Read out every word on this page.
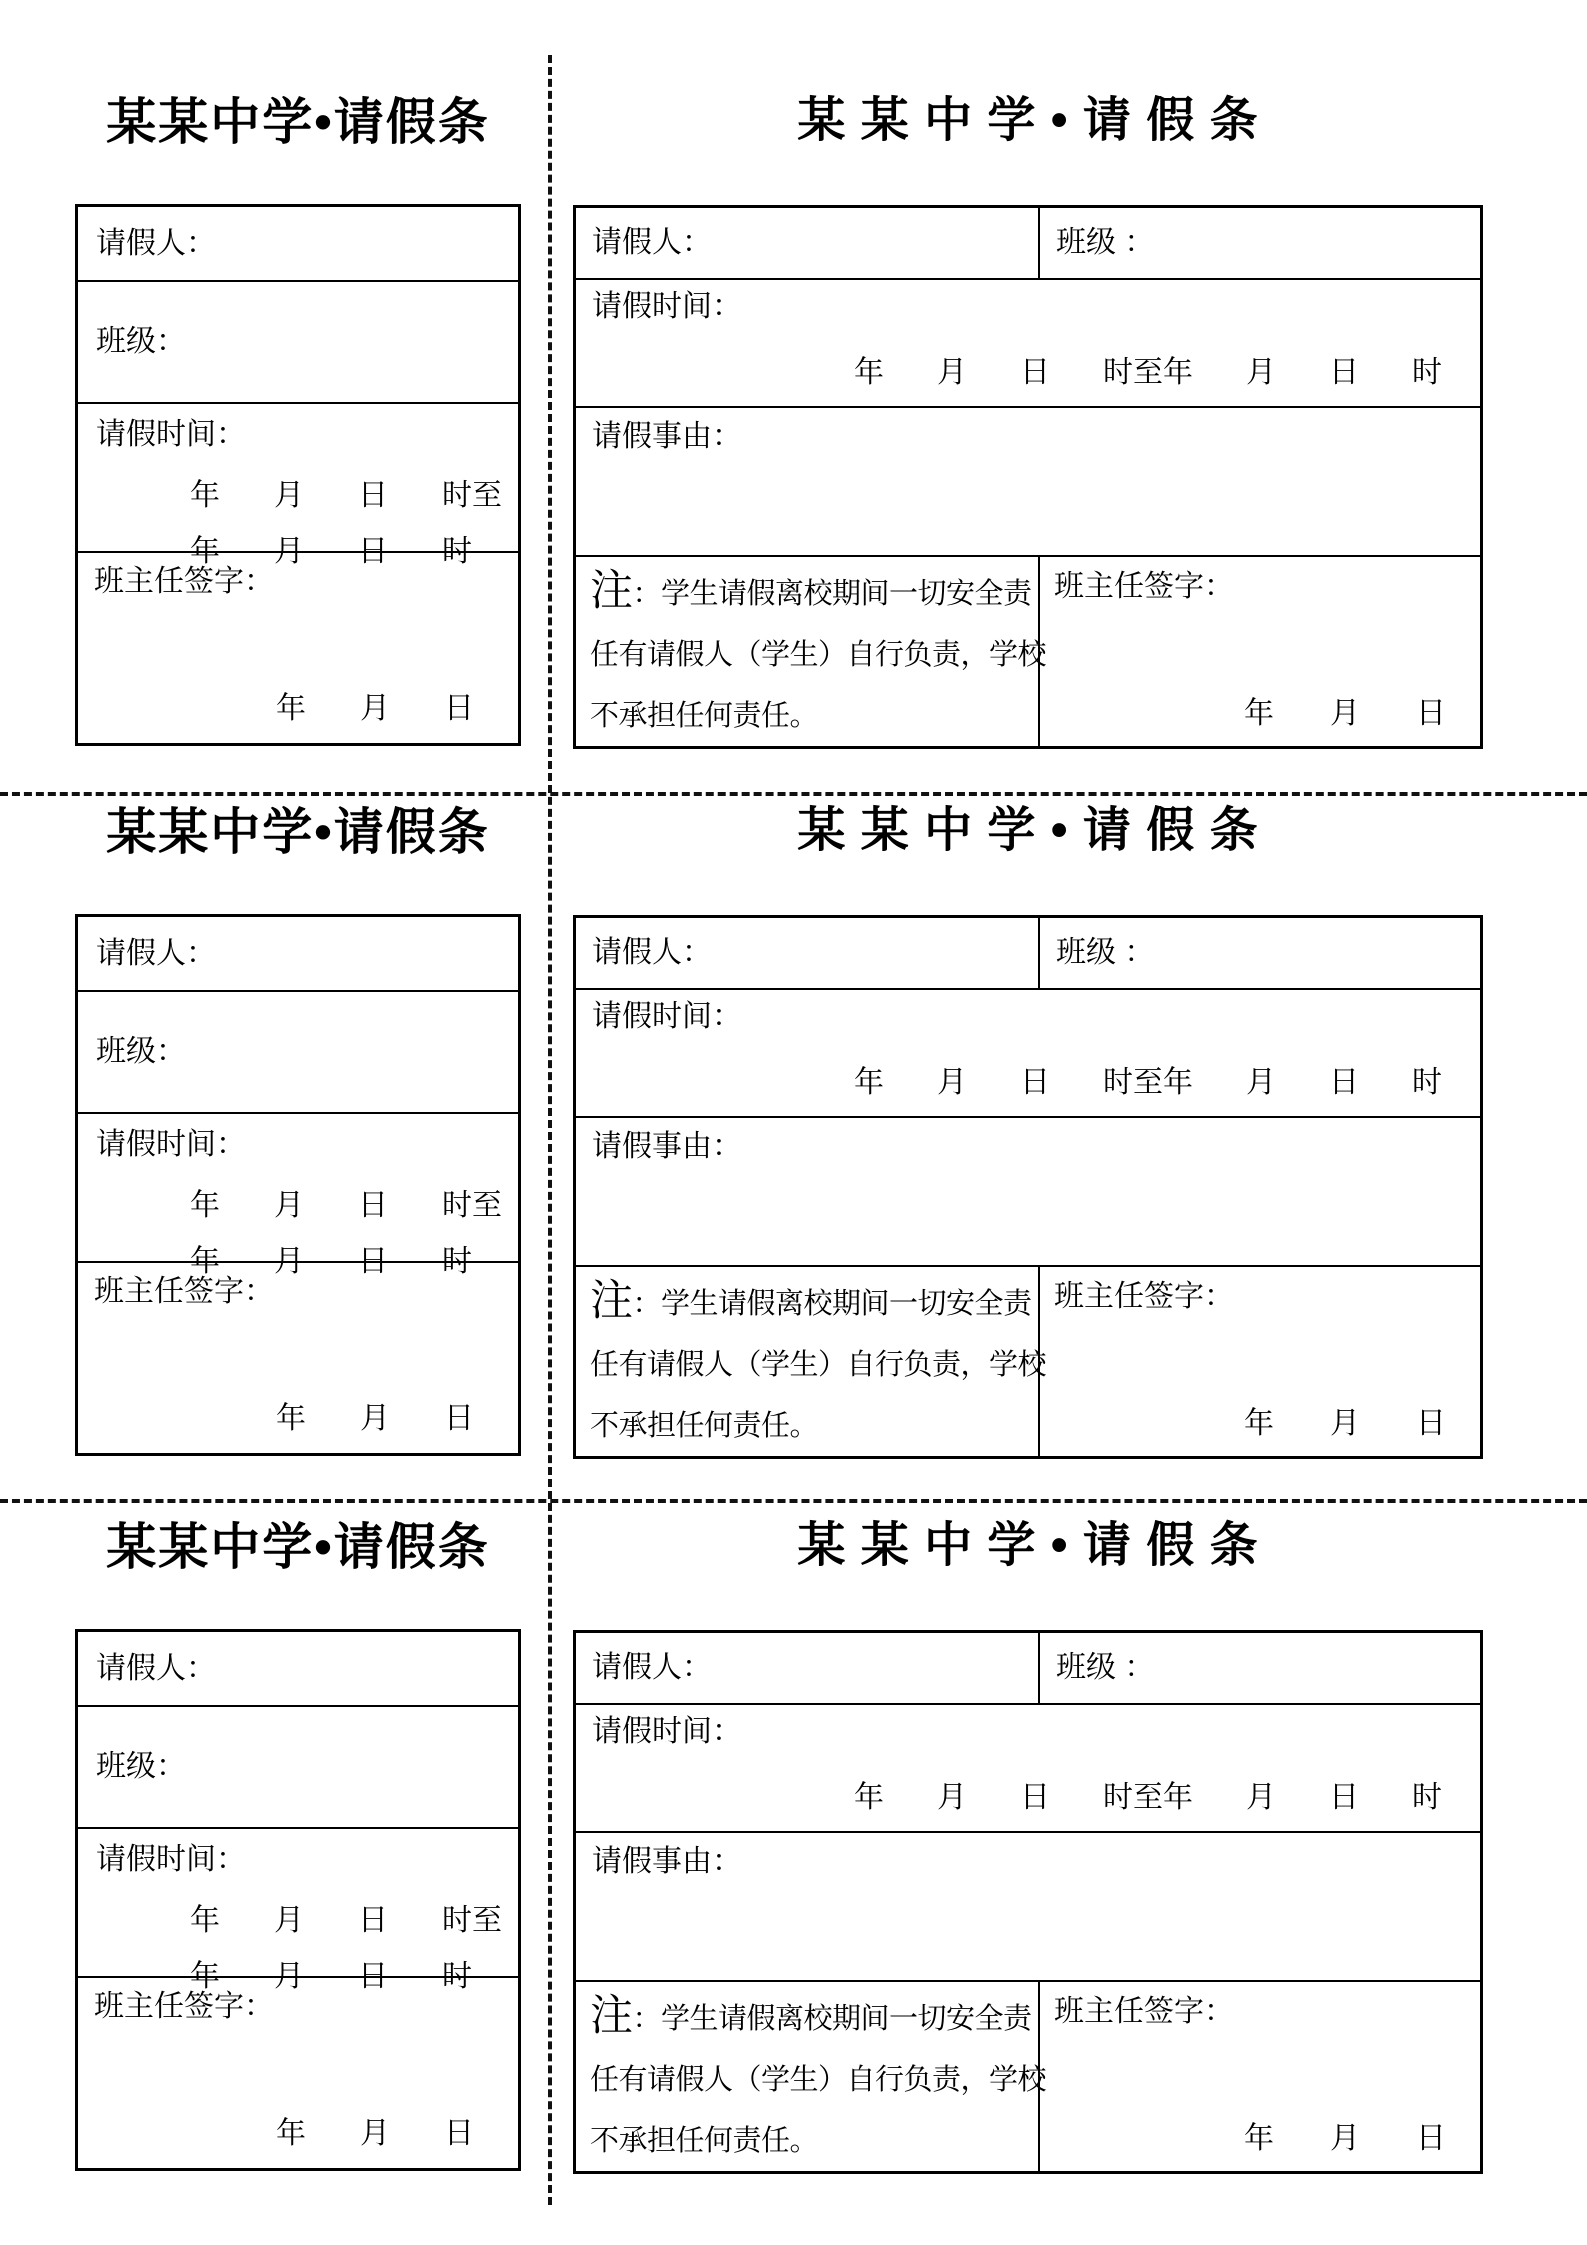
某某中学•请假条
请假人：
班级：
请假时间：
年 月 日 时至
年 月 日 时
班主任签字：
年 月 日
某 某 中 学 • 请 假 条
请假人：	班级 ：
请假时间：
年 月 日 时至年 月 日 时
请假事由：
注：学生请假离校期间一切安全责
任有请假人（学生）自行负责，学校
不承担任何责任。
班主任签字：
年 月 日
某某中学•请假条
请假人：
班级：
请假时间：
年 月 日 时至
年 月 日 时
班主任签字：
年 月 日
某 某 中 学 • 请 假 条
请假人：	班级 ：
请假时间：
年 月 日 时至年 月 日 时
请假事由：
注：学生请假离校期间一切安全责
任有请假人（学生）自行负责，学校
不承担任何责任。
班主任签字：
年 月 日
某某中学•请假条
请假人：
班级：
请假时间：
年 月 日 时至
年 月 日 时
班主任签字：
年 月 日
某 某 中 学 • 请 假 条
请假人：	班级 ：
请假时间：
年 月 日 时至年 月 日 时
请假事由：
注：学生请假离校期间一切安全责
任有请假人（学生）自行负责，学校
不承担任何责任。
班主任签字：
年 月 日
